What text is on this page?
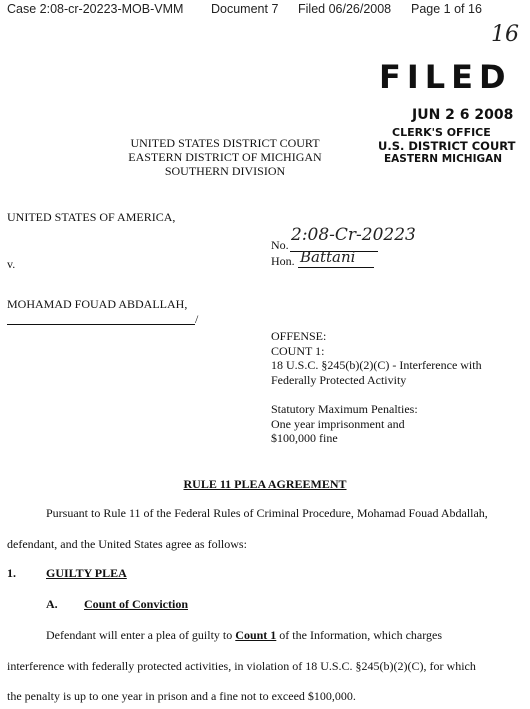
Case 2:08-cr-20223-MOB-VMM Document 7 Filed 06/26/2008 Page 1 of 16
16
FILED
JUN 2 6 2008
CLERK'S OFFICE
U.S. DISTRICT COURT
EASTERN MICHIGAN
UNITED STATES DISTRICT COURT
EASTERN DISTRICT OF MICHIGAN
SOUTHERN DIVISION
UNITED STATES OF AMERICA,
No. 2:08-Cr-20223
v.	Hon. Battani
MOHAMAD FOUAD ABDALLAH,
/
OFFENSE:
COUNT 1:
18 U.S.C. §245(b)(2)(C) - Interference with
Federally Protected Activity
Statutory Maximum Penalties:
One year imprisonment and
$100,000 fine
RULE 11 PLEA AGREEMENT
Pursuant to Rule 11 of the Federal Rules of Criminal Procedure, Mohamad Fouad Abdallah,
defendant, and the United States agree as follows:
1.	GUILTY PLEA
A. Count of Conviction
Defendant will enter a plea of guilty to Count 1 of the Information, which charges
interference with federally protected activities, in violation of 18 U.S.C. §245(b)(2)(C), for which
the penalty is up to one year in prison and a fine not to exceed $100,000.
